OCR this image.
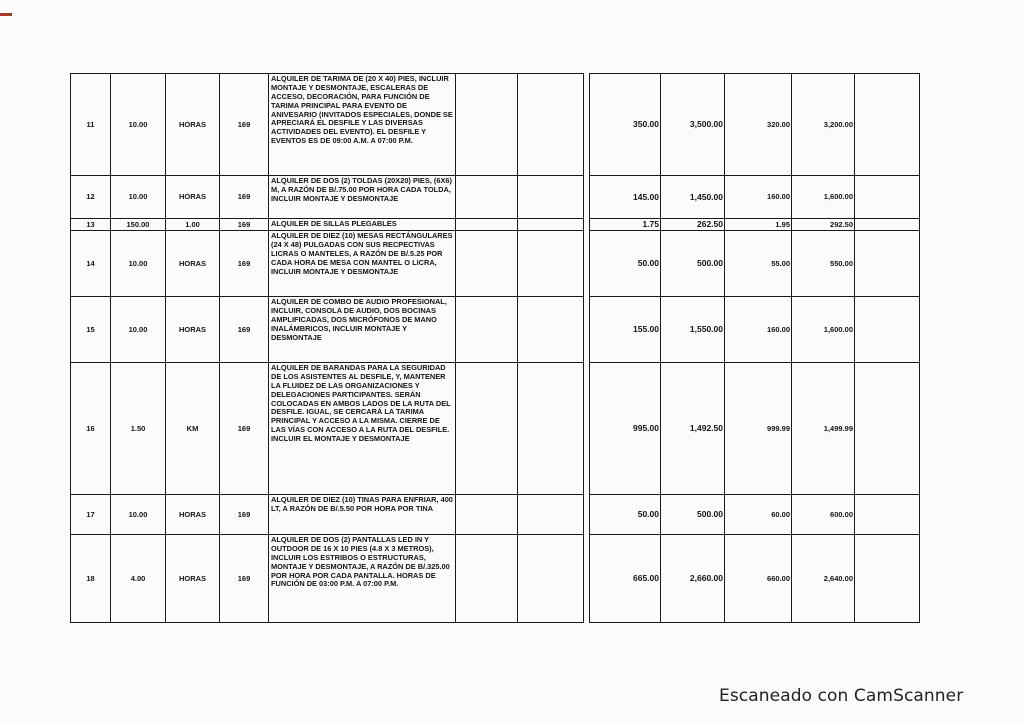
11	10.00	HORAS	169	ALQUILER DE TARIMA DE (20 X 40) PIES, INCLUIR MONTAJE Y DESMONTAJE, ESCALERAS DE ACCESO, DECORACIÓN, PARA FUNCIÓN DE TARIMA PRINCIPAL PARA EVENTO DE ANIVESARIO (INVITADOS ESPECIALES, DONDE SE APRECIARÁ EL DESFILE Y LAS DIVERSAS ACTIVIDADES DEL EVENTO). EL DESFILE Y EVENTOS ES DE 09:00 A.M. A 07:00 P.M.				350.00	3,500.00	320.00	3,200.00		
12	10.00	HORAS	169	ALQUILER DE DOS (2) TOLDAS (20X20) PIES, (6X6) M, A RAZÓN DE B/.75.00 POR HORA CADA TOLDA, INCLUIR MONTAJE Y DESMONTAJE				145.00	1,450.00	160.00	1,600.00		
13	150.00	1.00	169	ALQUILER DE SILLAS PLEGABLES				1.75	262.50	1.95	292.50		
14	10.00	HORAS	169	ALQUILER DE DIEZ (10) MESAS RECTÁNGULARES (24 X 48) PULGADAS CON SUS RECPECTIVAS LICRAS O MANTELES, A RAZÓN DE B/.5.25 POR CADA HORA DE MESA CON MANTEL O LICRA, INCLUIR MONTAJE Y DESMONTAJE				50.00	500.00	55.00	550.00		
15	10.00	HORAS	169	ALQUILER DE COMBO DE AUDIO PROFESIONAL, INCLUIR, CONSOLA DE AUDIO, DOS BOCINAS AMPLIFICADAS, DOS MICRÓFONOS DE MANO INALÁMBRICOS, INCLUIR MONTAJE Y DESMONTAJE				155.00	1,550.00	160.00	1,600.00		
16	1.50	KM	169	ALQUILER DE BARANDAS PARA LA SEGURIDAD DE LOS ASISTENTES AL DESFILE, Y, MANTENER LA FLUIDEZ DE LAS ORGANIZACIONES Y DELEGACIONES PARTICIPANTES. SERÁN COLOCADAS EN AMBOS LADOS DE LA RUTA DEL DESFILE. IGUAL, SE CERCARÁ LA TARIMA PRINCIPAL Y ACCESO A LA MISMA. CIERRE DE LAS VÍAS CON ACCESO A LA RUTA DEL DESFILE. INCLUIR EL MONTAJE Y DESMONTAJE				995.00	1,492.50	999.99	1,499.99		
17	10.00	HORAS	169	ALQUILER DE DIEZ (10) TINAS PARA ENFRIAR, 400 LT, A RAZÓN DE B/.5.50 POR HORA POR TINA				50.00	500.00	60.00	600.00		
18	4.00	HORAS	169	ALQUILER DE DOS (2) PANTALLAS LED IN Y OUTDOOR DE 16 X 10 PIES (4.8 X 3 METROS), INCLUIR LOS ESTRIBOS O ESTRUCTURAS, MONTAJE Y DESMONTAJE, A RAZÓN DE B/.325.00 POR HORA POR CADA PANTALLA. HORAS DE FUNCIÓN DE 03:00 P.M. A 07:00 P.M.				665.00	2,660.00	660.00	2,640.00		
Escaneado con CamScanner
